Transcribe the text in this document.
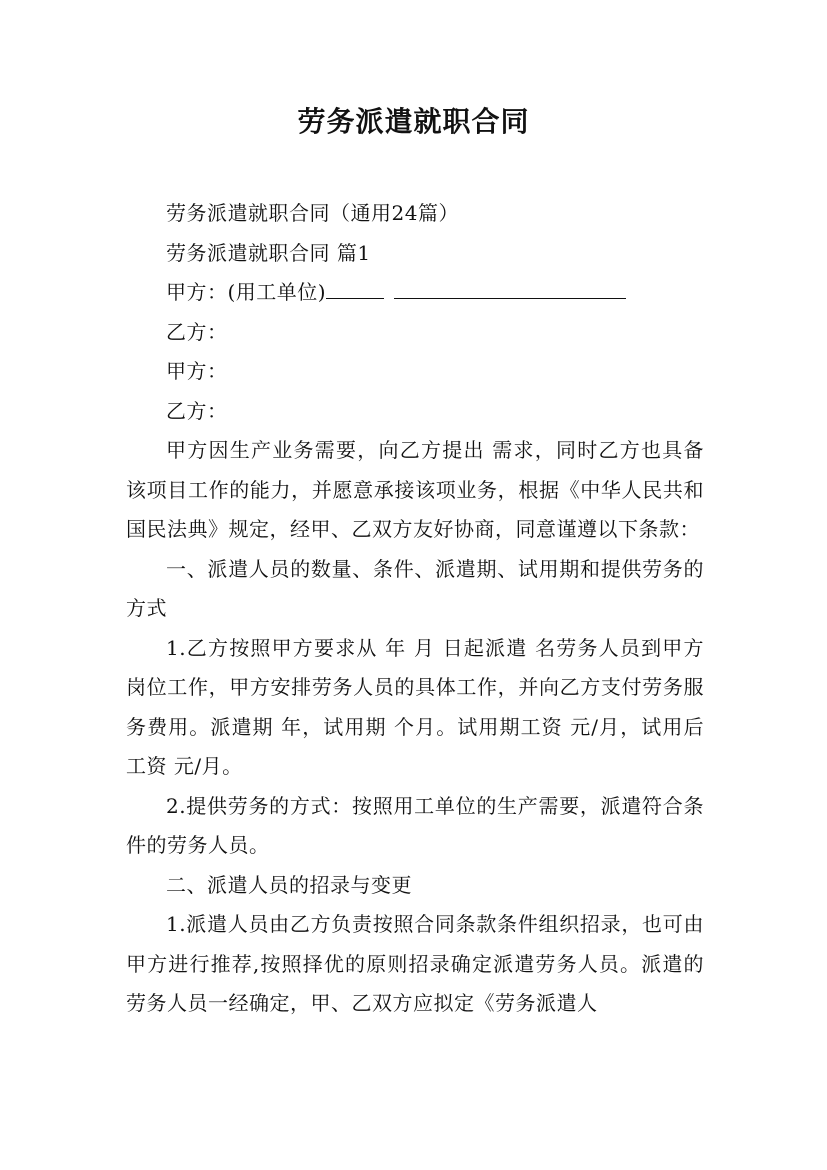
劳务派遣就职合同

劳务派遣就职合同（通用24篇）

劳务派遣就职合同 篇1

甲方：(用工单位)

乙方：

甲方：

乙方：

甲方因生产业务需要，向乙方提出 需求，同时乙方也具备该项目工作的能力，并愿意承接该项业务，根据《中华人民共和国民法典》规定，经甲、乙双方友好协商，同意谨遵以下条款：

一、派遣人员的数量、条件、派遣期、试用期和提供劳务的方式

1.乙方按照甲方要求从 年 月 日起派遣 名劳务人员到甲方 岗位工作，甲方安排劳务人员的具体工作，并向乙方支付劳务服务费用。派遣期 年，试用期 个月。试用期工资 元/月，试用后工资 元/月。

2.提供劳务的方式：按照用工单位的生产需要，派遣符合条件的劳务人员。

二、派遣人员的招录与变更

1.派遣人员由乙方负责按照合同条款条件组织招录，也可由甲方进行推荐,按照择优的原则招录确定派遣劳务人员。派遣的劳务人员一经确定，甲、乙双方应拟定《劳务派遣人
